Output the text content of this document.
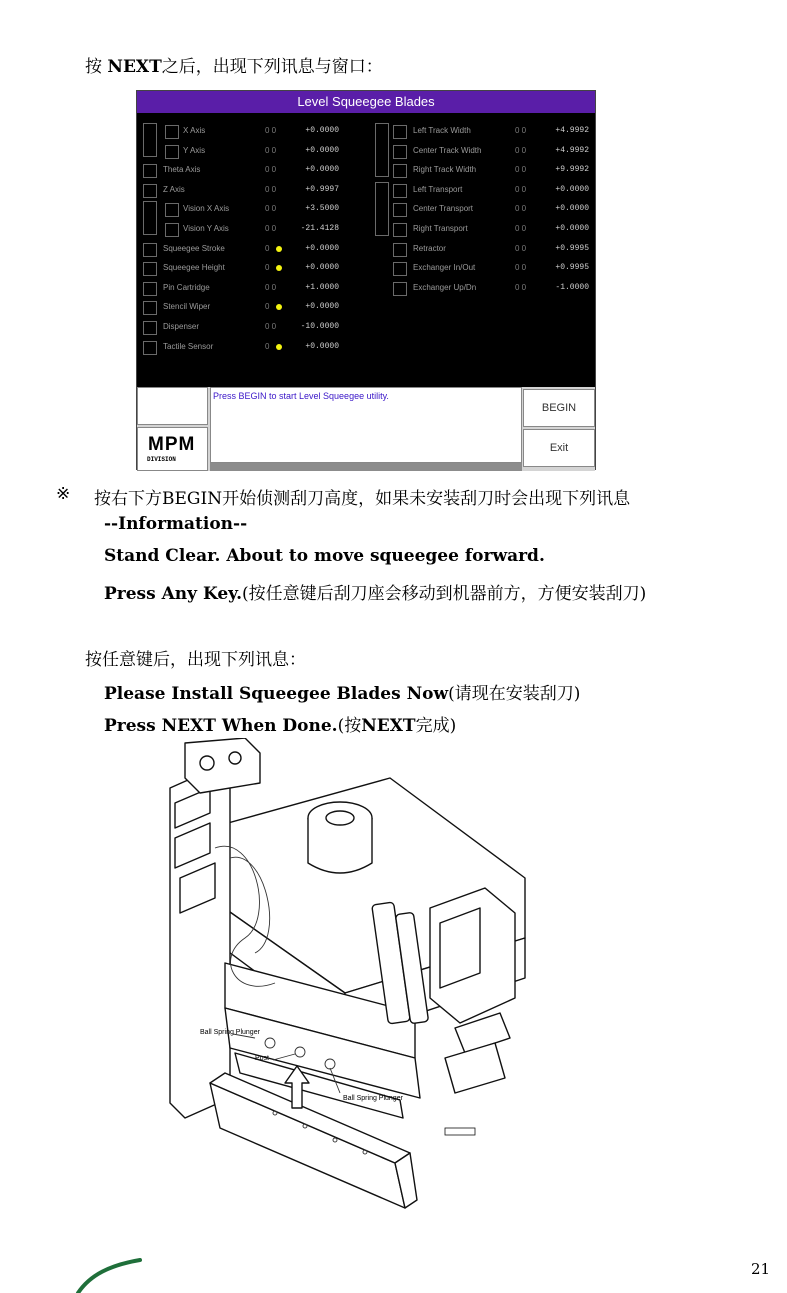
按 NEXT之后，出现下列讯息与窗口：
Level Squeegee Blades
MPM
DIVISION
Press BEGIN to start Level Squeegee utility.
BEGIN
Exit
X Axis	0 0	+0.0000
Y Axis	0 0	+0.0000
Theta Axis	0 0	+0.0000
Z Axis	0 0	+0.9997
Vision X Axis	0 0	+3.5000
Vision Y Axis	0 0	-21.4128
Squeegee Stroke	0	+0.0000
Squeegee Height	0	+0.0000
Pin Cartridge	0 0	+1.0000
Stencil Wiper	0	+0.0000
Dispenser	0 0	-10.0000
Tactile Sensor	0	+0.0000
Left Track Width	0 0	+4.9992
Center Track Width	0 0	+4.9992
Right Track Width	0 0	+9.9992
Left Transport	0 0	+0.0000
Center Transport	0 0	+0.0000
Right Transport	0 0	+0.0000
Retractor	0 0	+0.9995
Exchanger In/Out	0 0	+0.9995
Exchanger Up/Dn	0 0	-1.0000
※ 按右下方BEGIN开始侦测刮刀高度，如果未安装刮刀时会出现下列讯息
--Information--
Stand Clear. About to move squeegee forward.
Press Any Key.(按任意键后刮刀座会移动到机器前方，方便安装刮刀)
按任意键后，出现下列讯息：
Please Install Squeegee Blades Now(请现在安装刮刀)
Press NEXT When Done.(按NEXT完成)
Ball Spring Plunger
Post
Ball Spring Plunger
21
